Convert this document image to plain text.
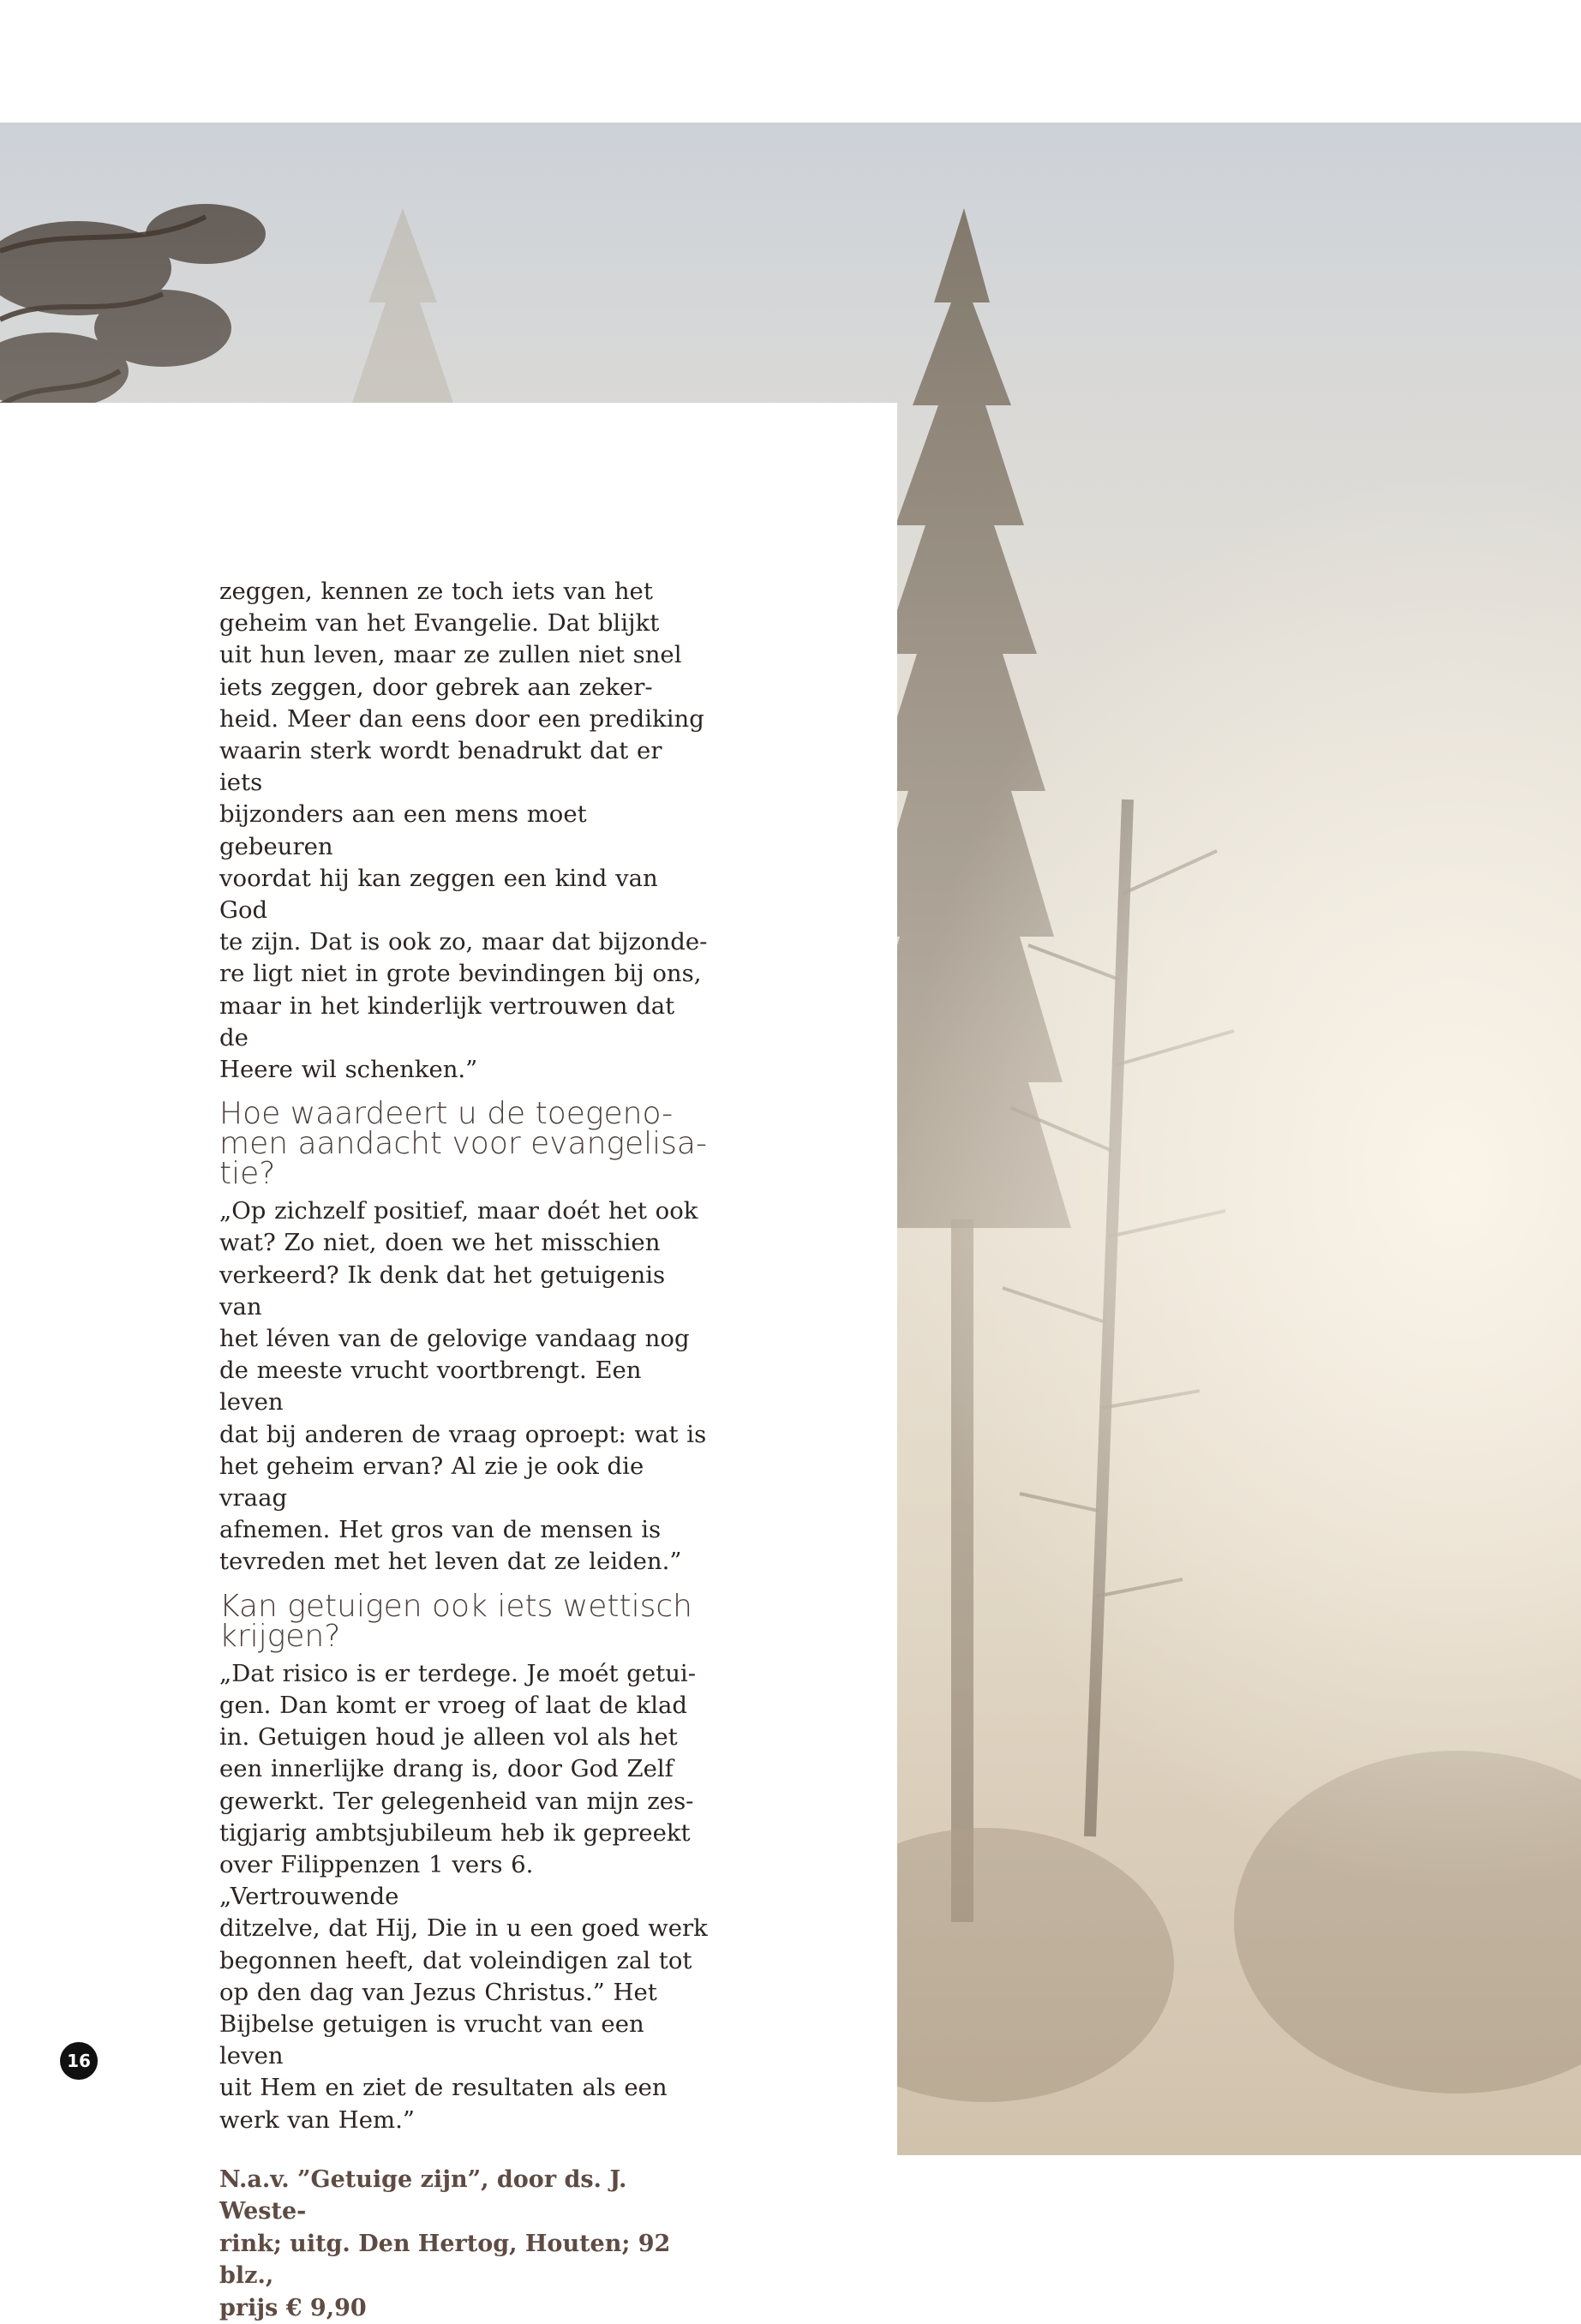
zeggen, kennen ze toch iets van het
geheim van het Evangelie. Dat blijkt
uit hun leven, maar ze zullen niet snel
iets zeggen, door gebrek aan zeker-
heid. Meer dan eens door een prediking
waarin sterk wordt benadrukt dat er iets
bijzonders aan een mens moet gebeuren
voordat hij kan zeggen een kind van God
te zijn. Dat is ook zo, maar dat bijzonde-
re ligt niet in grote bevindingen bij ons,
maar in het kinderlijk vertrouwen dat de
Heere wil schenken.”

Hoe waardeert u de toegeno-
men aandacht voor evangelisa-
tie?

„Op zichzelf positief, maar doét het ook
wat? Zo niet, doen we het misschien
verkeerd? Ik denk dat het getuigenis van
het léven van de gelovige vandaag nog
de meeste vrucht voortbrengt. Een leven
dat bij anderen de vraag oproept: wat is
het geheim ervan? Al zie je ook die vraag
afnemen. Het gros van de mensen is
tevreden met het leven dat ze leiden.”

Kan getuigen ook iets wettisch
krijgen?

„Dat risico is er terdege. Je moét getui-
gen. Dan komt er vroeg of laat de klad
in. Getuigen houd je alleen vol als het
een innerlijke drang is, door God Zelf
gewerkt. Ter gelegenheid van mijn zes-
tigjarig ambtsjubileum heb ik gepreekt
over Filippenzen 1 vers 6. „Vertrouwende
ditzelve, dat Hij, Die in u een goed werk
begonnen heeft, dat voleindigen zal tot
op den dag van Jezus Christus.” Het
Bijbelse getuigen is vrucht van een leven
uit Hem en ziet de resultaten als een
werk van Hem.”

N.a.v. ”Getuige zijn”, door ds. J. Weste-
rink; uitg. Den Hertog, Houten; 92 blz.,
prijs € 9,90

16
